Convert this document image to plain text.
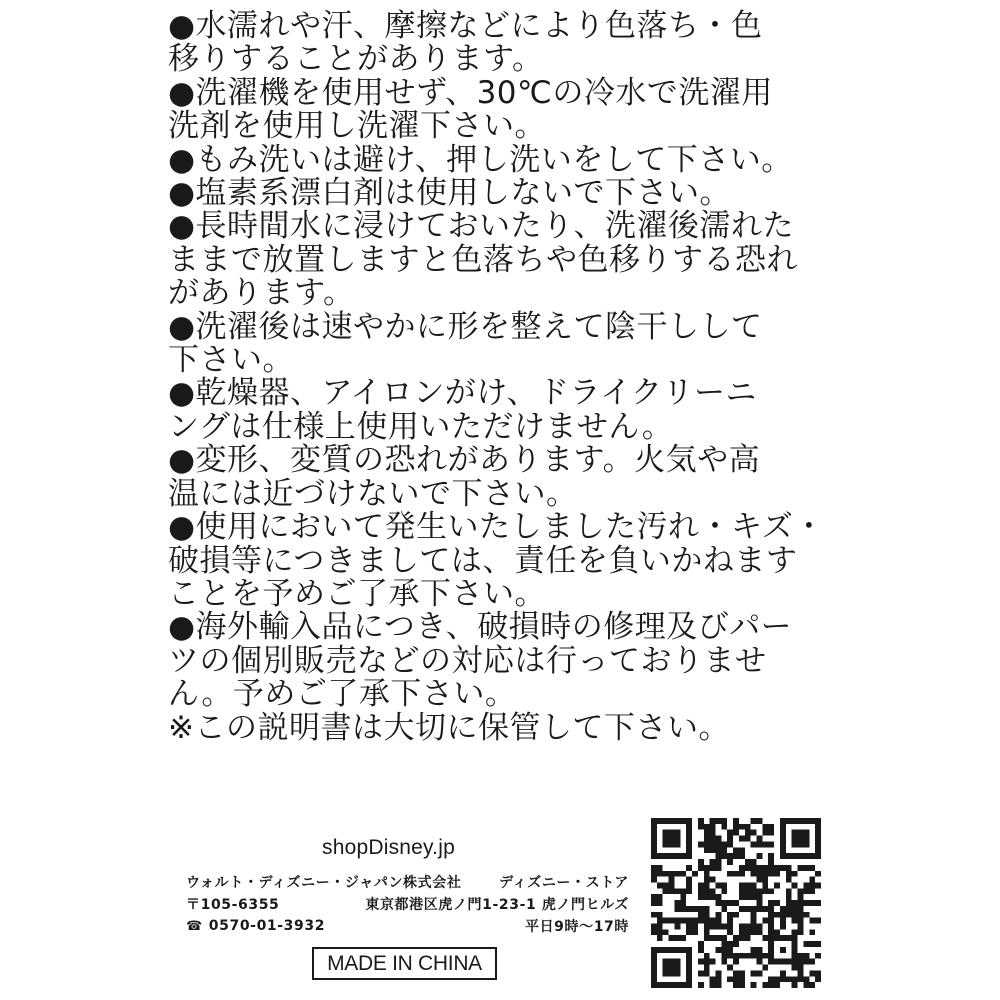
●水濡れや汗、摩擦などにより色落ち・色
移りすることがあります。
●洗濯機を使用せず、30℃の冷水で洗濯用
洗剤を使用し洗濯下さい。
●もみ洗いは避け、押し洗いをして下さい。
●塩素系漂白剤は使用しないで下さい。
●長時間水に浸けておいたり、洗濯後濡れた
ままで放置しますと色落ちや色移りする恐れ
があります。
●洗濯後は速やかに形を整えて陰干しして
下さい。
●乾燥器、アイロンがけ、ドライクリーニ
ングは仕様上使用いただけません。
●変形、変質の恐れがあります。火気や高
温には近づけないで下さい。
●使用において発生いたしました汚れ・キズ・
破損等につきましては、責任を負いかねます
ことを予めご了承下さい。
●海外輸入品につき、破損時の修理及びパー
ツの個別販売などの対応は行っておりませ
ん。予めご了承下さい。
※この説明書は大切に保管して下さい。
shopDisney.jp
ウォルト・ディズニー・ジャパン株式会社	ディズニー・ストア
〒105-6355	東京都港区虎ノ門1-23-1 虎ノ門ヒルズ
☎ 0570-01-3932	平日9時～17時
MADE IN CHINA
